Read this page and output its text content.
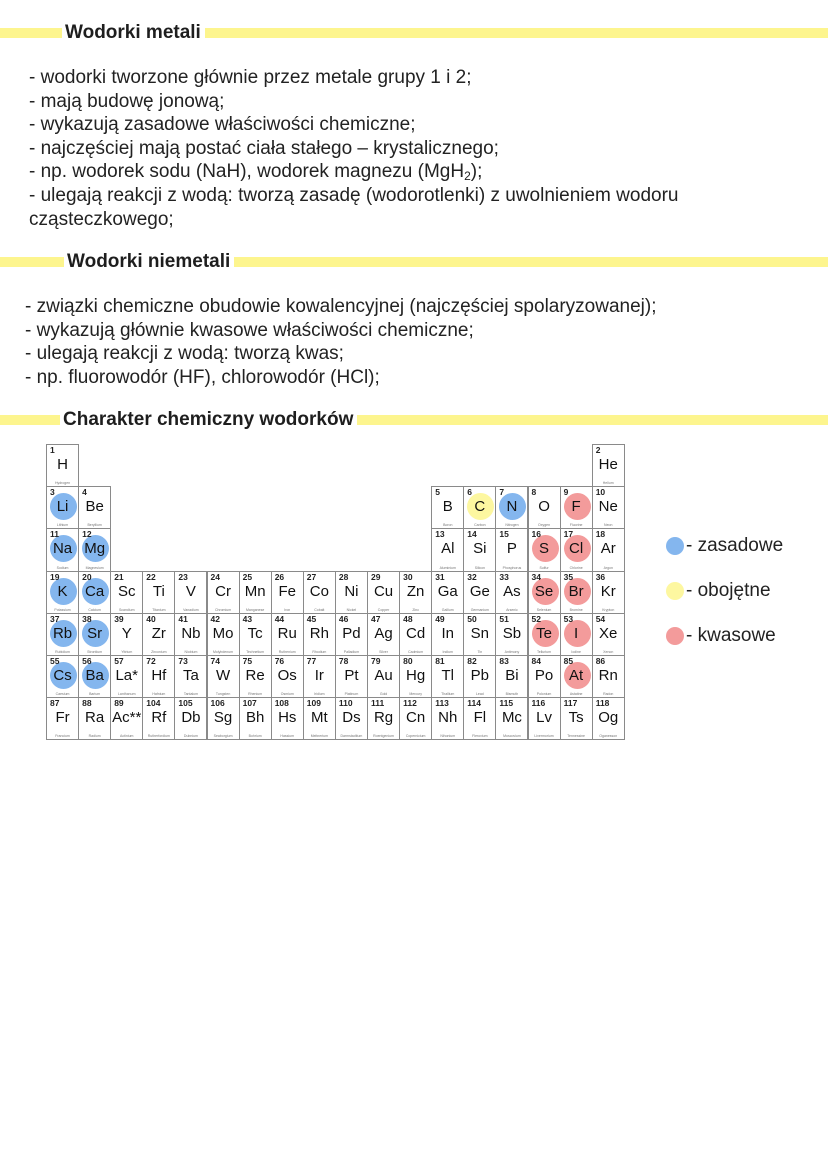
Wodorki metali

- wodorki tworzone głównie przez metale grupy 1 i 2;

- mają budowę jonową;

- wykazują zasadowe właściwości chemiczne;

- najczęściej mają postać ciała stałego – krystalicznego;

- np. wodorek sodu (NaH), wodorek magnezu (MgH$_2$);

- ulegają reakcji z wodą: tworzą zasadę (wodorotlenki) z uwolnieniem wodoru

cząsteczkowego;

Wodorki niemetali

- związki chemiczne obudowie kowalencyjnej (najczęściej spolaryzowanej);

- wykazują głównie kwasowe właściwości chemiczne;

- ulegają reakcji z wodą: tworzą kwas;

- np. fluorowodór (HF), chlorowodór (HCl);

Charakter chemiczny wodorków
1
H
Hydrogen
2
He
Helium
3
Li
Lithium
4
Be
Beryllium
5
B
Boron
6
C
Carbon
7
N
Nitrogen
8
O
Oxygen
9
F
Fluorine
10
Ne
Neon
11
Na
Sodium
12
Mg
Magnesium
13
Al
Aluminium
14
Si
Silicon
15
P
Phosphorus
16
S
Sulfur
17
Cl
Chlorine
18
Ar
Argon
19
K
Potassium
20
Ca
Calcium
21
Sc
Scandium
22
Ti
Titanium
23
V
Vanadium
24
Cr
Chromium
25
Mn
Manganese
26
Fe
Iron
27
Co
Cobalt
28
Ni
Nickel
29
Cu
Copper
30
Zn
Zinc
31
Ga
Gallium
32
Ge
Germanium
33
As
Arsenic
34
Se
Selenium
35
Br
Bromine
36
Kr
Krypton
37
Rb
Rubidium
38
Sr
Strontium
39
Y
Yttrium
40
Zr
Zirconium
41
Nb
Niobium
42
Mo
Molybdenum
43
Tc
Technetium
44
Ru
Ruthenium
45
Rh
Rhodium
46
Pd
Palladium
47
Ag
Silver
48
Cd
Cadmium
49
In
Indium
50
Sn
Tin
51
Sb
Antimony
52
Te
Tellurium
53
I
Iodine
54
Xe
Xenon
55
Cs
Caesium
56
Ba
Barium
57
La*
Lanthanum
72
Hf
Hafnium
73
Ta
Tantalum
74
W
Tungsten
75
Re
Rhenium
76
Os
Osmium
77
Ir
Iridium
78
Pt
Platinum
79
Au
Gold
80
Hg
Mercury
81
Tl
Thallium
82
Pb
Lead
83
Bi
Bismuth
84
Po
Polonium
85
At
Astatine
86
Rn
Radon
87
Fr
Francium
88
Ra
Radium
89
Ac**
Actinium
104
Rf
Rutherfordium
105
Db
Dubnium
106
Sg
Seaborgium
107
Bh
Bohrium
108
Hs
Hassium
109
Mt
Meitnerium
110
Ds
Darmstadtium
111
Rg
Roentgenium
112
Cn
Copernicium
113
Nh
Nihonium
114
Fl
Flerovium
115
Mc
Moscovium
116
Lv
Livermorium
117
Ts
Tennessine
118
Og
Oganesson
- zasadowe
- obojętne
- kwasowe
